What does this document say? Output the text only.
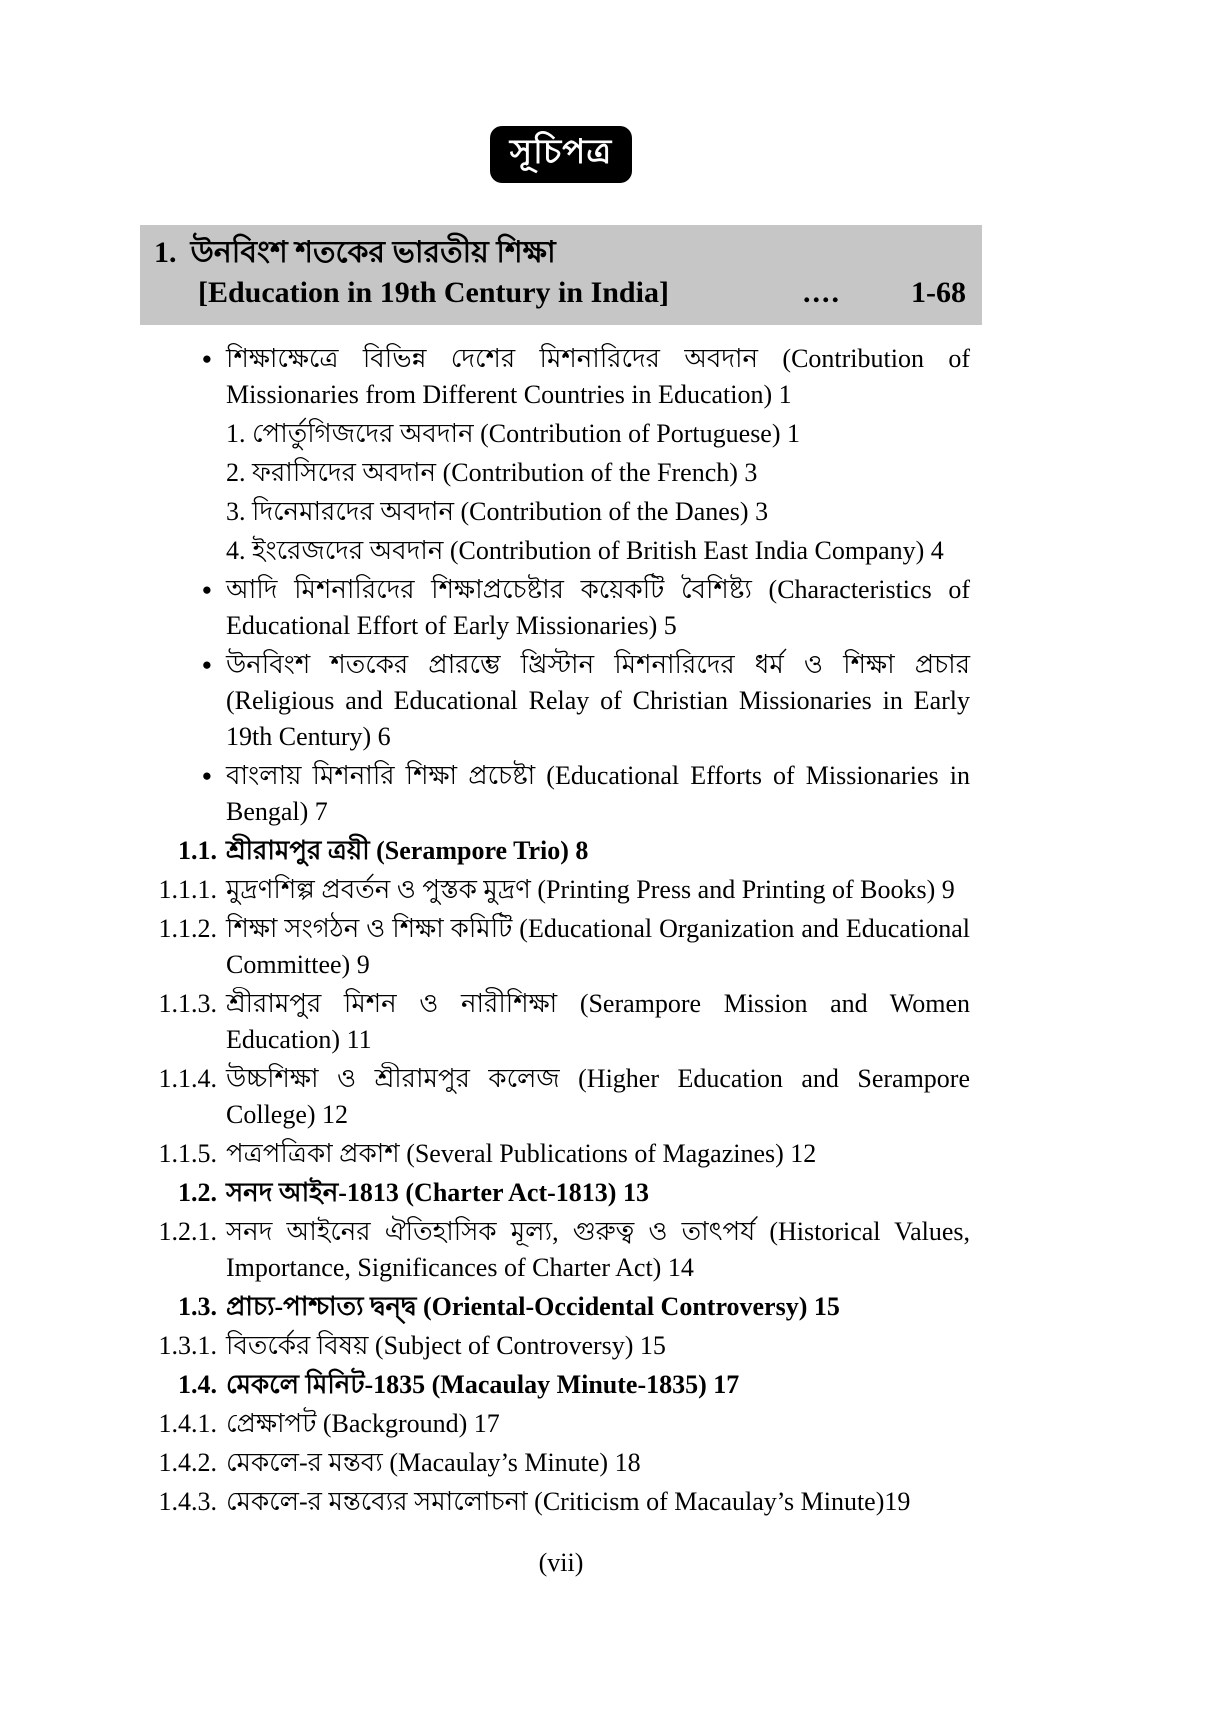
সূচিপত্র
1. উনবিংশ শতকের ভারতীয় শিক্ষা
[Education in 19th Century in India]	.... 1-68
● শিক্ষাক্ষেত্রে বিভিন্ন দেশের মিশনারিদের অবদান (Contribution of Missionaries from Different Countries in Education) 1
1. পোর্তুগিজদের অবদান (Contribution of Portuguese) 1
2. ফরাসিদের অবদান (Contribution of the French) 3
3. দিনেমারদের অবদান (Contribution of the Danes) 3
4. ইংরেজদের অবদান (Contribution of British East India Company) 4
● আদি মিশনারিদের শিক্ষাপ্রচেষ্টার কয়েকটি বৈশিষ্ট্য (Characteristics of Educational Effort of Early Missionaries) 5
● উনবিংশ শতকের প্রারম্ভে খ্রিস্টান মিশনারিদের ধর্ম ও শিক্ষা প্রচার (Religious and Educational Relay of Christian Missionaries in Early 19th Century) 6
● বাংলায় মিশনারি শিক্ষা প্রচেষ্টা (Educational Efforts of Missionaries in Bengal) 7
1.1. শ্রীরামপুর ত্রয়ী (Serampore Trio) 8
1.1.1. মুদ্রণশিল্প প্রবর্তন ও পুস্তক মুদ্রণ (Printing Press and Printing of Books) 9
1.1.2. শিক্ষা সংগঠন ও শিক্ষা কমিটি (Educational Organization and Educational Committee) 9
1.1.3. শ্রীরামপুর মিশন ও নারীশিক্ষা (Serampore Mission and Women Education) 11
1.1.4. উচ্চশিক্ষা ও শ্রীরামপুর কলেজ (Higher Education and Serampore College) 12
1.1.5. পত্রপত্রিকা প্রকাশ (Several Publications of Magazines) 12
1.2. সনদ আইন-1813 (Charter Act-1813) 13
1.2.1. সনদ আইনের ঐতিহাসিক মূল্য, গুরুত্ব ও তাৎপর্য (Historical Values, Importance, Significances of Charter Act) 14
1.3. প্রাচ্য-পাশ্চাত্য দ্বন্দ্ব (Oriental-Occidental Controversy) 15
1.3.1. বিতর্কের বিষয় (Subject of Controversy) 15
1.4. মেকলে মিনিট-1835 (Macaulay Minute-1835) 17
1.4.1. প্রেক্ষাপট (Background) 17
1.4.2. মেকলে-র মন্তব্য (Macaulay’s Minute) 18
1.4.3. মেকলে-র মন্তব্যের সমালোচনা (Criticism of Macaulay’s Minute)19
(vii)
